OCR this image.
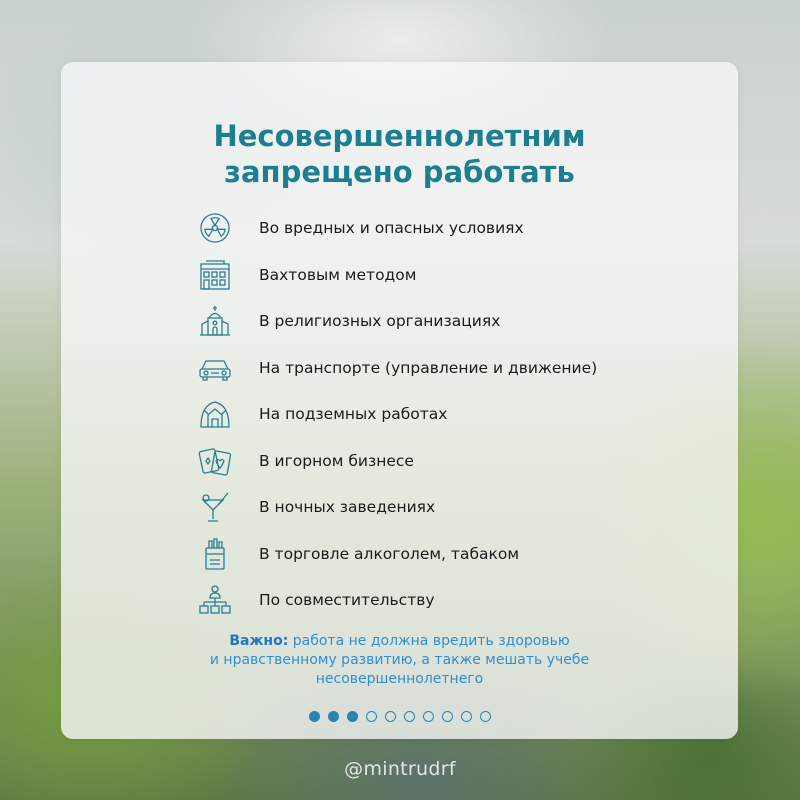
Несовершеннолетним
запрещено работать
Во вредных и опасных условиях
Вахтовым методом
В религиозных организациях
На транспорте (управление и движение)
На подземных работах
В игорном бизнесе
В ночных заведениях
В торговле алкоголем, табаком
По совместительству
Важно: работа не должна вредить здоровью
и нравственному развитию, а также мешать учебе
несовершеннолетнего
@mintrudrf
